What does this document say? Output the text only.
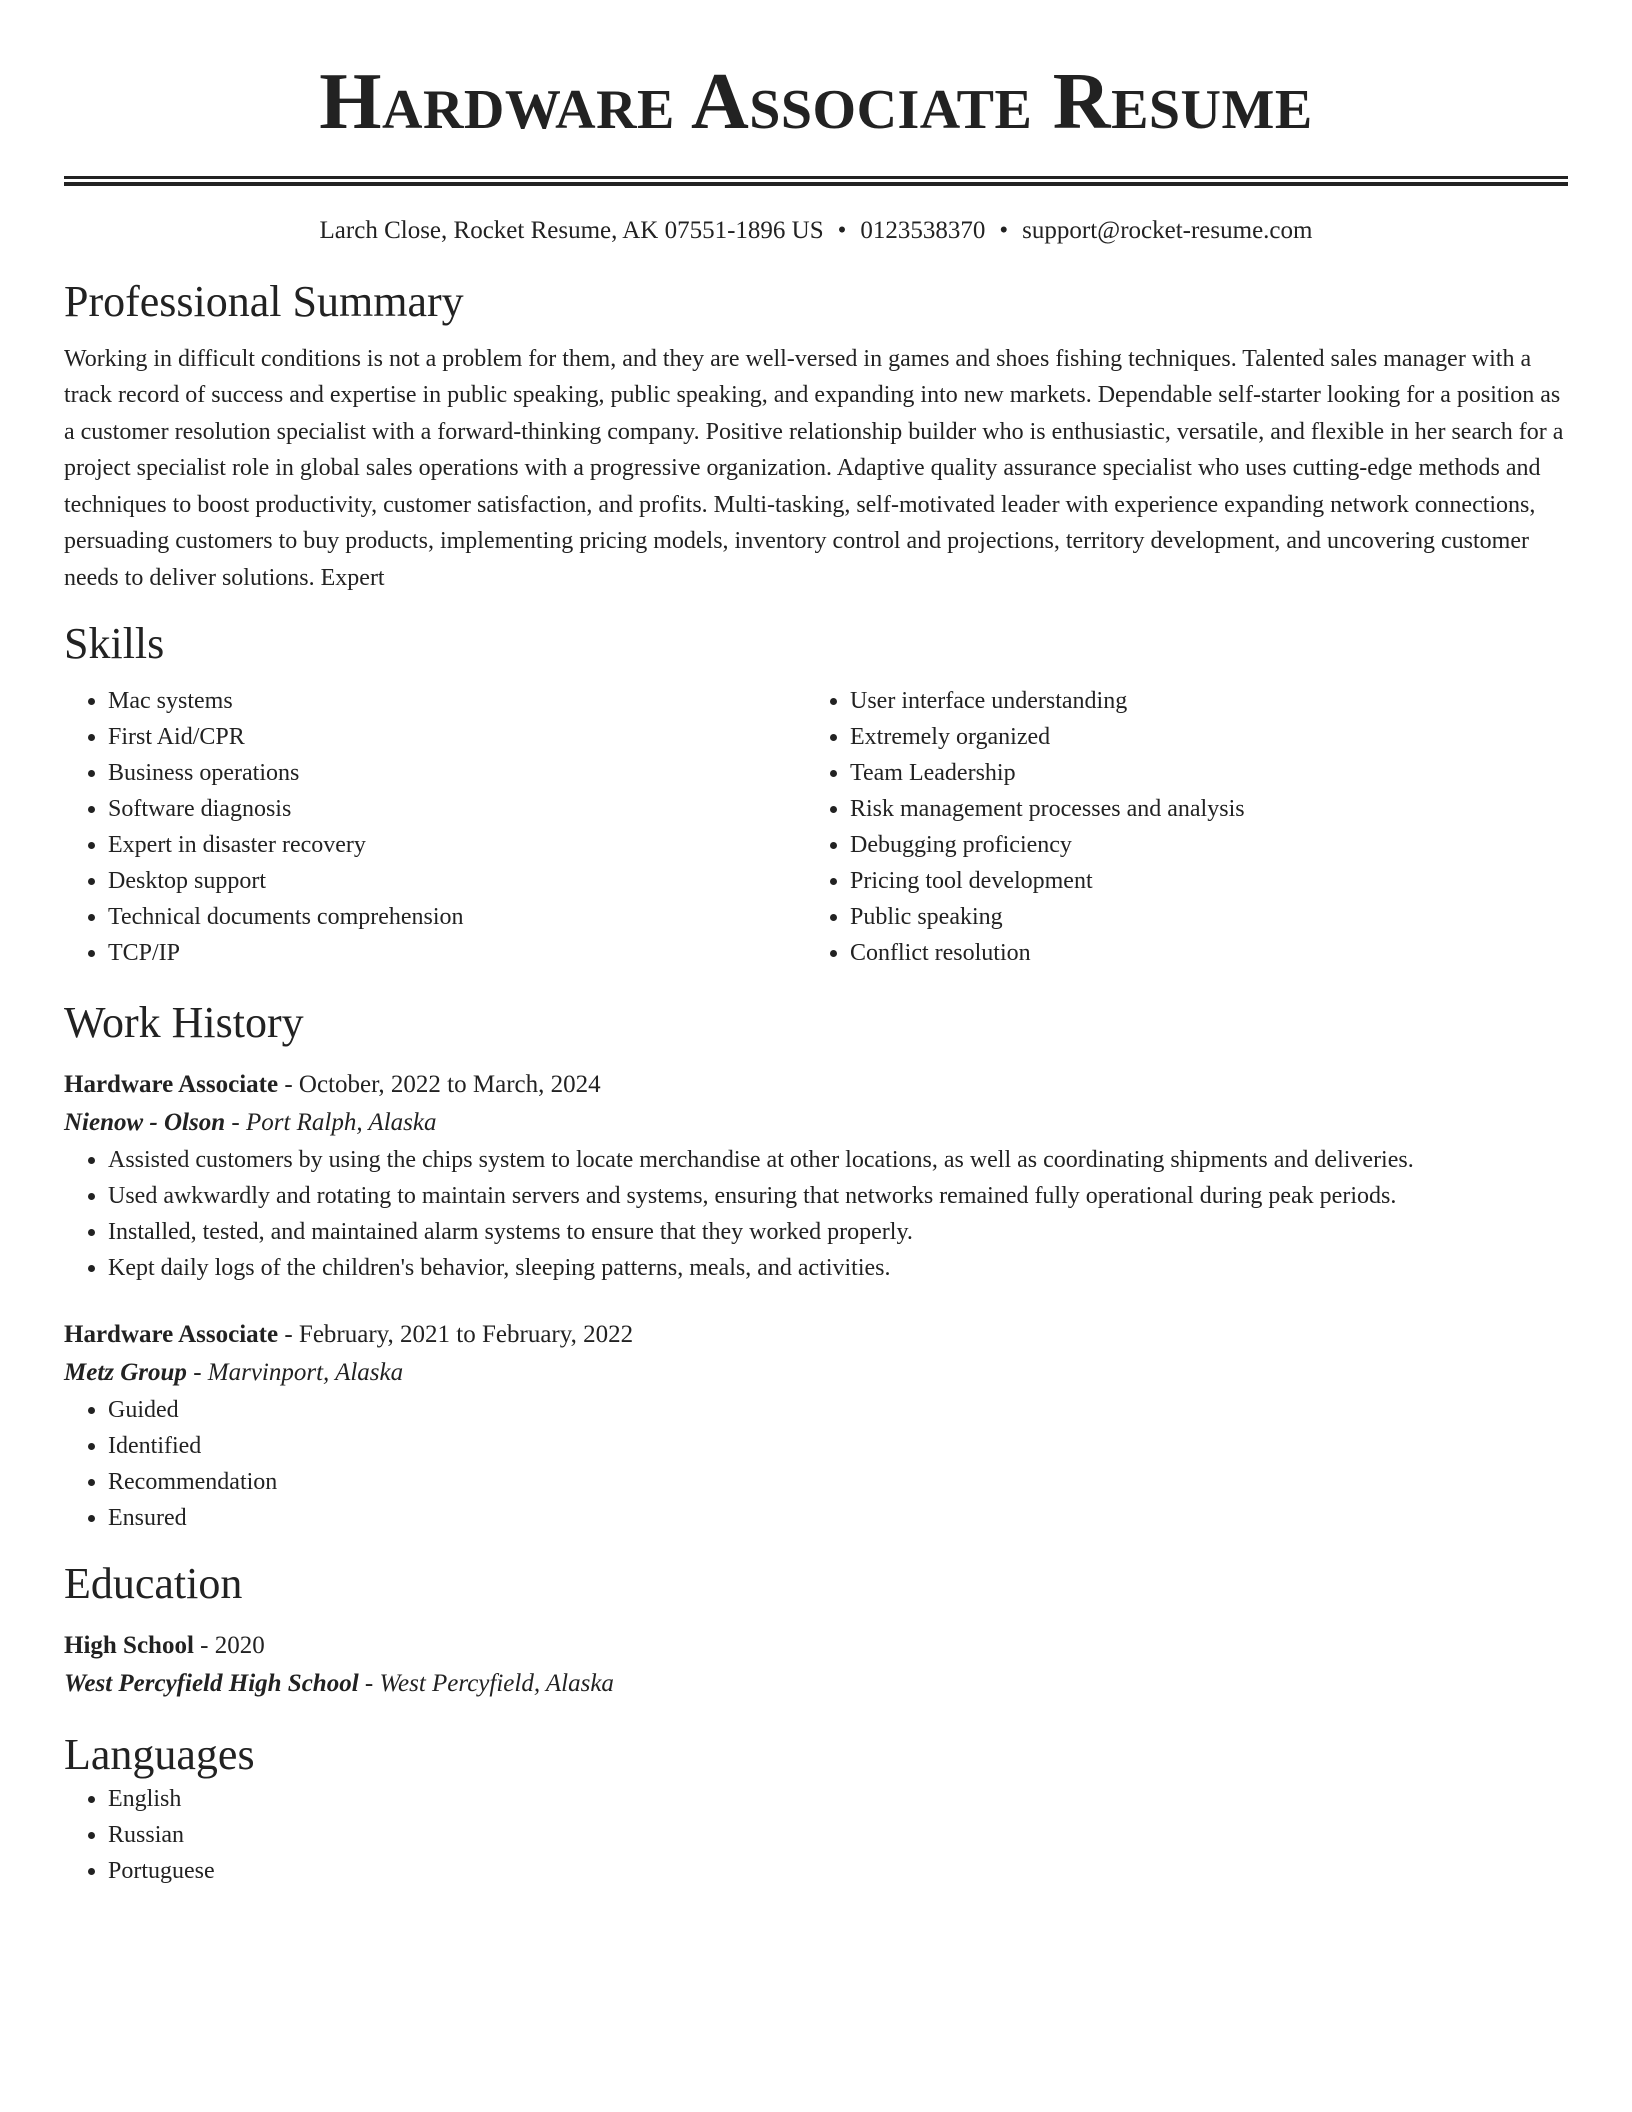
Hardware Associate Resume
Larch Close, Rocket Resume, AK 07551-1896 US • 0123538370 • support@rocket-resume.com
Professional Summary

Working in difficult conditions is not a problem for them, and they are well-versed in games and shoes fishing techniques. Talented sales manager with a track record of success and expertise in public speaking, public speaking, and expanding into new markets. Dependable self-starter looking for a position as a customer resolution specialist with a forward-thinking company. Positive relationship builder who is enthusiastic, versatile, and flexible in her search for a project specialist role in global sales operations with a progressive organization. Adaptive quality assurance specialist who uses cutting-edge methods and techniques to boost productivity, customer satisfaction, and profits. Multi-tasking, self-motivated leader with experience expanding network connections, persuading customers to buy products, implementing pricing models, inventory control and projections, territory development, and uncovering customer needs to deliver solutions. Expert

Skills
• Mac systems
• First Aid/CPR
• Business operations
• Software diagnosis
• Expert in disaster recovery
• Desktop support
• Technical documents comprehension
• TCP/IP
• User interface understanding
• Extremely organized
• Team Leadership
• Risk management processes and analysis
• Debugging proficiency
• Pricing tool development
• Public speaking
• Conflict resolution
Work History
Hardware Associate - October, 2022 to March, 2024
Nienow - Olson - Port Ralph, Alaska
• Assisted customers by using the chips system to locate merchandise at other locations, as well as coordinating shipments and deliveries.
• Used awkwardly and rotating to maintain servers and systems, ensuring that networks remained fully operational during peak periods.
• Installed, tested, and maintained alarm systems to ensure that they worked properly.
• Kept daily logs of the children's behavior, sleeping patterns, meals, and activities.
Hardware Associate - February, 2021 to February, 2022
Metz Group - Marvinport, Alaska
• Guided
• Identified
• Recommendation
• Ensured
Education
High School - 2020
West Percyfield High School - West Percyfield, Alaska
Languages
• English
• Russian
• Portuguese
